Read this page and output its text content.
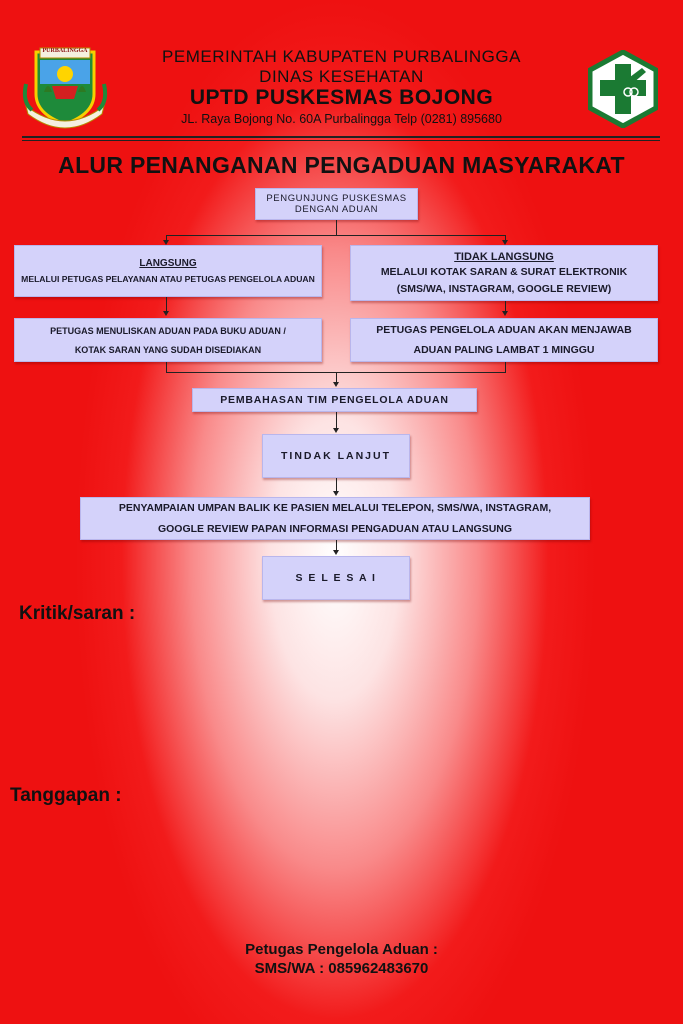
PURBALINGGA	PEMERINTAH KABUPATEN PURBALINGGA
DINAS KESEHATAN
UPTD PUSKESMAS BOJONG
JL. Raya Bojong No. 60A Purbalingga Telp (0281) 895680
ALUR PENANGANAN PENGADUAN MASYARAKAT
PENGUNJUNG PUSKESMAS
DENGAN ADUAN
LANGSUNG
MELALUI PETUGAS PELAYANAN ATAU PETUGAS PENGELOLA ADUAN
TIDAK LANGSUNG
MELALUI KOTAK SARAN & SURAT ELEKTRONIK
(SMS/WA, INSTAGRAM, GOOGLE REVIEW)
PETUGAS MENULISKAN ADUAN PADA BUKU ADUAN /
KOTAK SARAN YANG SUDAH DISEDIAKAN
PETUGAS PENGELOLA ADUAN AKAN MENJAWAB
ADUAN PALING LAMBAT 1 MINGGU
PEMBAHASAN TIM PENGELOLA ADUAN
TINDAK LANJUT
PENYAMPAIAN UMPAN BALIK KE PASIEN MELALUI TELEPON, SMS/WA, INSTAGRAM,
GOOGLE REVIEW PAPAN INFORMASI PENGADUAN ATAU LANGSUNG
S E L E S A I
Kritik/saran :
Tanggapan :
Petugas Pengelola Aduan :
SMS/WA : 085962483670
